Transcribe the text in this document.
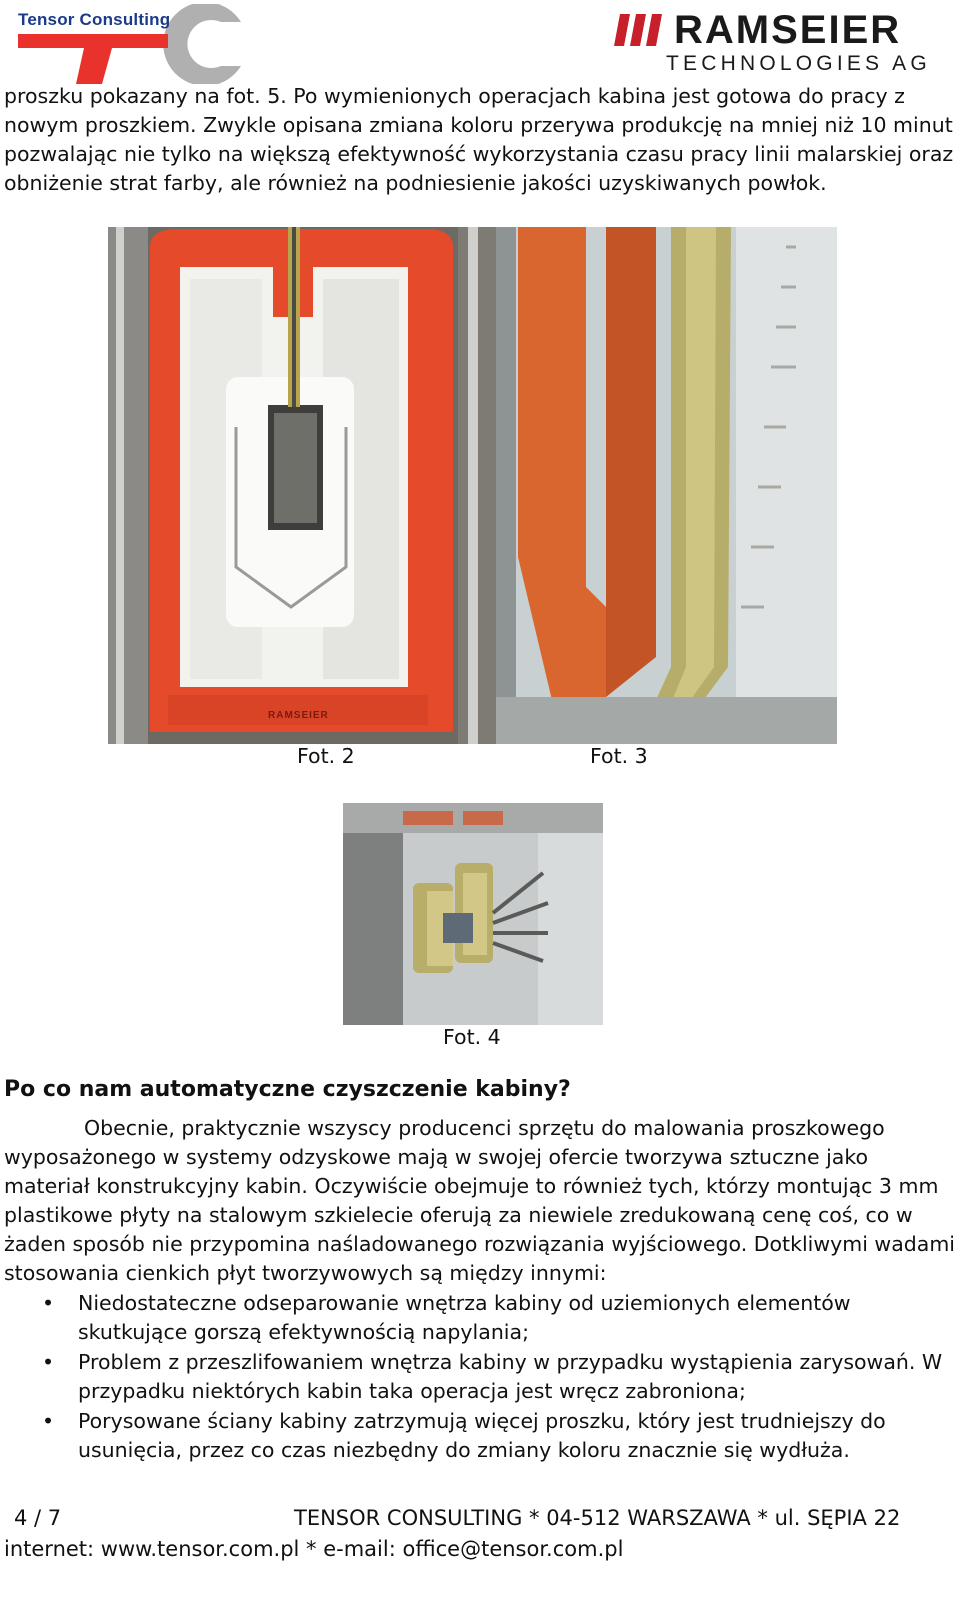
Tensor Consulting	RAMSEIER
TECHNOLOGIES AG
proszku pokazany na fot. 5. Po wymienionych operacjach kabina jest gotowa do pracy z
nowym proszkiem. Zwykle opisana zmiana koloru przerywa produkcję na mniej niż 10 minut
pozwalając nie tylko na większą efektywność wykorzystania czasu pracy linii malarskiej oraz
obniżenie strat farby, ale również na podniesienie jakości uzyskiwanych powłok.
RAMSEIER
Fot. 2	Fot. 3
Fot. 4
Po co nam automatyczne czyszczenie kabiny?
Obecnie, praktycznie wszyscy producenci sprzętu do malowania proszkowego
wyposażonego w systemy odzyskowe mają w swojej ofercie tworzywa sztuczne jako
materiał konstrukcyjny kabin. Oczywiście obejmuje to również tych, którzy montując 3 mm
plastikowe płyty na stalowym szkielecie oferują za niewiele zredukowaną cenę coś, co w
żaden sposób nie przypomina naśladowanego rozwiązania wyjściowego. Dotkliwymi wadami
stosowania cienkich płyt tworzywowych są między innymi:
• Niedostateczne odseparowanie wnętrza kabiny od uziemionych elementów
skutkujące gorszą efektywnością napylania;
• Problem z przeszlifowaniem wnętrza kabiny w przypadku wystąpienia zarysowań. W
przypadku niektórych kabin taka operacja jest wręcz zabroniona;
• Porysowane ściany kabiny zatrzymują więcej proszku, który jest trudniejszy do
usunięcia, przez co czas niezbędny do zmiany koloru znacznie się wydłuża.
4 / 7	TENSOR CONSULTING * 04-512 WARSZAWA * ul. SĘPIA 22
internet: www.tensor.com.pl * e-mail: office@tensor.com.pl
